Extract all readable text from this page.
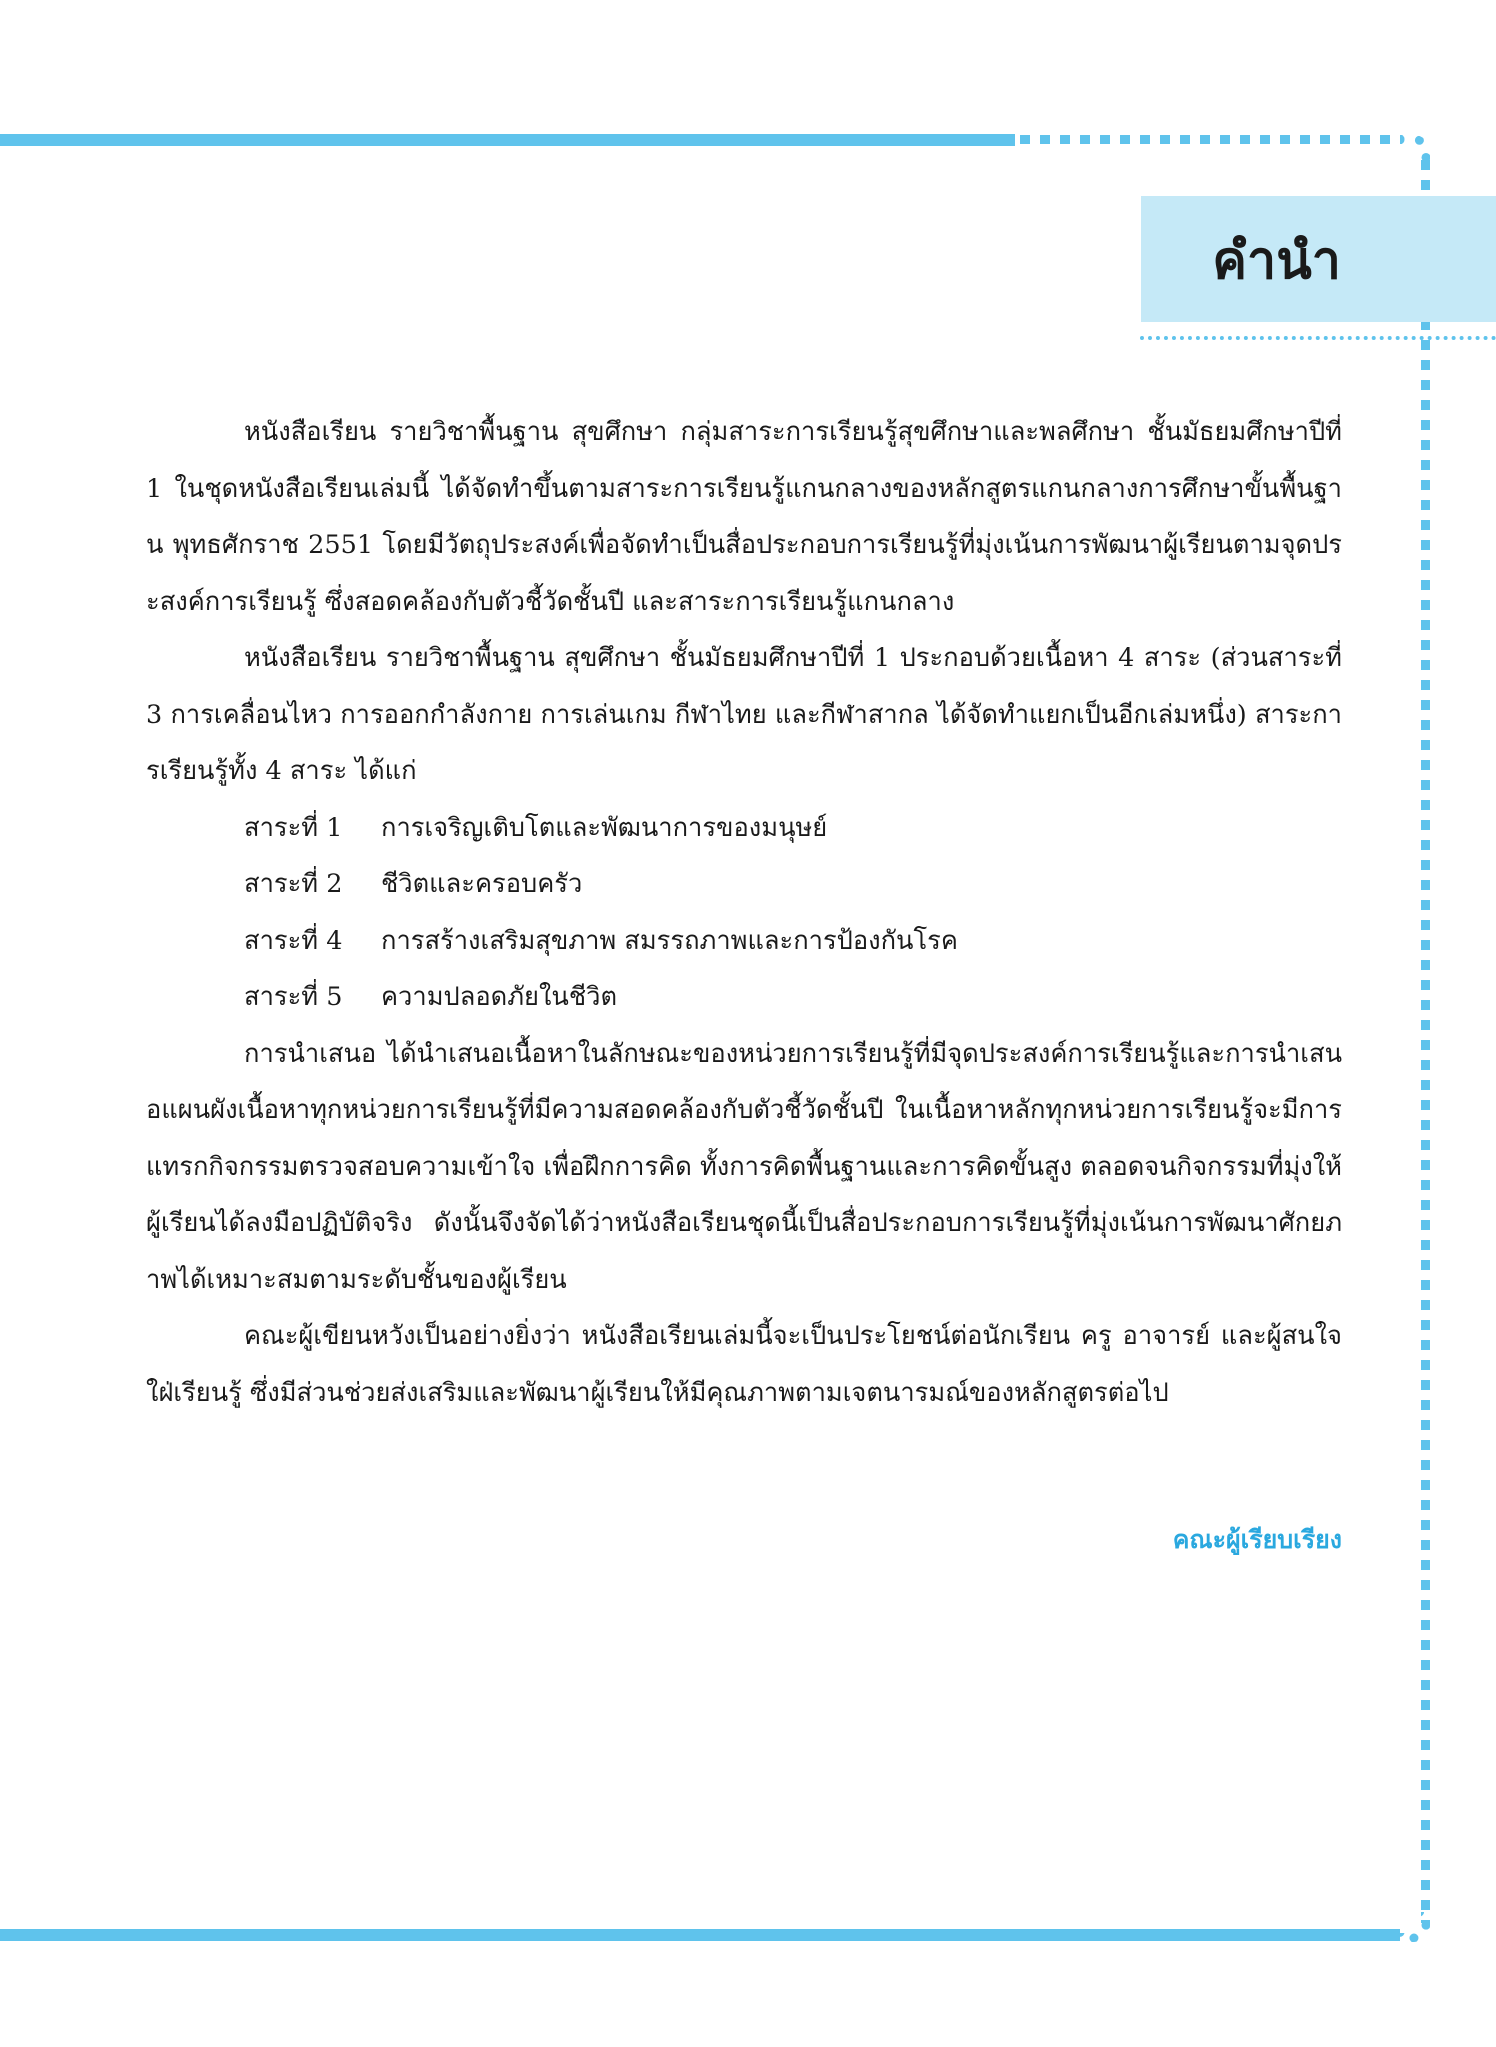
คำนำ

หนังสือเรียน รายวิชาพื้นฐาน สุขศึกษา กลุ่มสาระการเรียนรู้สุขศึกษาและพลศึกษา ชั้นมัธยมศึกษาปีที่ 1 ในชุดหนังสือเรียนเล่มนี้ ได้จัดทำขึ้นตามสาระการเรียนรู้แกนกลางของหลักสูตรแกนกลางการศึกษาขั้นพื้นฐาน พุทธศักราช 2551 โดยมีวัตถุประสงค์เพื่อจัดทำเป็นสื่อประกอบการเรียนรู้ที่มุ่งเน้นการพัฒนาผู้เรียนตามจุดประสงค์การเรียนรู้ ซึ่งสอดคล้องกับตัวชี้วัดชั้นปี และสาระการเรียนรู้แกนกลาง

หนังสือเรียน รายวิชาพื้นฐาน สุขศึกษา ชั้นมัธยมศึกษาปีที่ 1 ประกอบด้วยเนื้อหา 4 สาระ (ส่วนสาระที่ 3 การเคลื่อนไหว การออกกำลังกาย การเล่นเกม กีฬาไทย และกีฬาสากล ได้จัดทำแยกเป็นอีกเล่มหนึ่ง) สาระการเรียนรู้ทั้ง 4 สาระ ได้แก่

สาระที่ 1 การเจริญเติบโตและพัฒนาการของมนุษย์
สาระที่ 2 ชีวิตและครอบครัว
สาระที่ 4 การสร้างเสริมสุขภาพ สมรรถภาพและการป้องกันโรค
สาระที่ 5 ความปลอดภัยในชีวิต

การนำเสนอ ได้นำเสนอเนื้อหาในลักษณะของหน่วยการเรียนรู้ที่มีจุดประสงค์การเรียนรู้และการนำเสนอแผนผังเนื้อหาทุกหน่วยการเรียนรู้ที่มีความสอดคล้องกับตัวชี้วัดชั้นปี ในเนื้อหาหลักทุกหน่วยการเรียนรู้จะมีการแทรกกิจกรรมตรวจสอบความเข้าใจ เพื่อฝึกการคิด ทั้งการคิดพื้นฐานและการคิดขั้นสูง ตลอดจนกิจกรรมที่มุ่งให้ผู้เรียนได้ลงมือปฏิบัติจริง ดังนั้นจึงจัดได้ว่าหนังสือเรียนชุดนี้เป็นสื่อประกอบการเรียนรู้ที่มุ่งเน้นการพัฒนาศักยภาพได้เหมาะสมตามระดับชั้นของผู้เรียน

คณะผู้เขียนหวังเป็นอย่างยิ่งว่า หนังสือเรียนเล่มนี้จะเป็นประโยชน์ต่อนักเรียน ครู อาจารย์ และผู้สนใจใฝ่เรียนรู้ ซึ่งมีส่วนช่วยส่งเสริมและพัฒนาผู้เรียนให้มีคุณภาพตามเจตนารมณ์ของหลักสูตรต่อไป

คณะผู้เรียบเรียง
